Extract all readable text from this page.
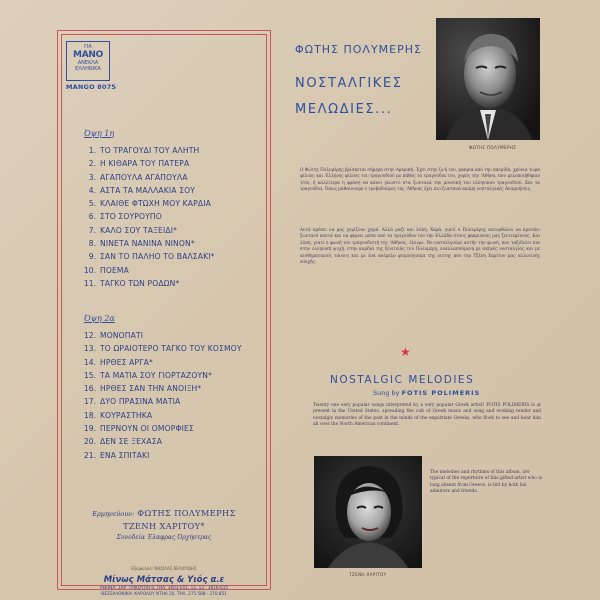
ΓΙΑ
MANO
ΑΝΕΚΛΑ ΕΛΛΗΝΙΚΑ
MANGO 8075
Όψη 1η
1. ΤΟ ΤΡΑΓΟΥΔΙ ΤΟΥ ΑΛΗΤΗ
2. Η ΚΙΘΑΡΑ ΤΟΥ ΠΑΤΕΡΑ
3. ΑΓΑΠΟΥΛΑ ΑΓΑΠΟΥΛΑ
4. ΑΣΤΑ ΤΑ ΜΑΛΛΑΚΙΑ ΣΟΥ
5. ΚΛΑΙΘΕ ΦΤΩΧΗ ΜΟΥ ΚΑΡΔΙΑ
6. ΣΤΟ ΣΟΥΡΟΥΠΟ
7. ΚΑΛΟ ΣΟΥ ΤΑΞΕΙΔΙ*
8. ΝΙΝΕΤΑ ΝΑΝΙΝΑ ΝΙΝΟΝ*
9. ΣΑΝ ΤΟ ΠΑΛΗΟ ΤΟ ΒΑΛΣΑΚΙ*
10. ΠΟΕΜΑ
11. ΤΑΓΚΟ ΤΩΝ ΡΟΔΩΝ*
Όψη 2α
12. ΜΟΝΟΠΑΤΙ
13. ΤΟ ΩΡΑΙΟΤΕΡΟ ΤΑΓΚΟ ΤΟΥ ΚΟΣΜΟΥ
14. ΗΡΘΕΣ ΑΡΓΑ*
15. ΤΑ ΜΑΤΙΑ ΣΟΥ ΓΙΟΡΤΑΖΟΥΝ*
16. ΗΡΘΕΣ ΣΑΝ ΤΗΝ ΑΝΟΙΞΗ*
17. ΔΥΟ ΠΡΑΣΙΝΑ ΜΑΤΙΑ
18. ΚΟΥΡΑΣΤΗΚΑ
19. ΠΕΡΝΟΥΝ ΟΙ ΟΜΟΡΦΙΕΣ
20. ΔΕΝ ΣΕ ΞΕΧΑΣΑ
21. ΕΝΑ ΣΠΙΤΑΚΙ
Ερμηνεύουν: ΦΩΤΗΣ ΠΟΛΥΜΕΡΗΣ
ΤΖΕΝΗ ΧΑΡΙΤΟΥ*
Συνοδεία Έλαφρας Όρχήστρας
Εξώφυλλο: ΝΙΚΟΛΑΣ ΒΕΛΙΟΥΔΗΣ
Μίνως Μάτσας & Υιός α.ε
ΑΘΗΝΑ: ΣΑΡ. ΤΡΙΚΟΥΠΗ 9, ΤΗΛ. 3601-011, 12, 13 · 3616-615
ΘΕΣΣΑΛΟΝΙΚΗ: ΚΑΡΟΛΟΥ ΝΤΗΛ 20, ΤΗΛ. 275.588 · 270.851
ΦΩΤΗΣ ΠΟΛΥΜΕΡΗΣ
ΝΟΣΤΑΛΓΙΚΕΣ
ΜΕΛΩΔΙΕΣ...
ΦΩΤΗΣ ΠΟΛΥΜΕΡΗΣ

Ο Φώτης Πολυμέρης βρίσκεται σήμερα στην Αμερική. Έχει στην ζωή του, μακριά από την πατρίδα, χρόνια τώρα φίλους και Έλληνες φίλους του τραγουδιού με πάθος τα τραγούδια του, χορός την 'Αθήνα, που μελοποιήθηκαν τότε, ή καλλίτερα η φράση να κάνει γνωστό στα ζωντανά την μουσική του ελληνικού τραγουδιού. Και τα τραγούδια, Όπως μαθαίνουμε ο τροβαδούρος της 'Αθήνας έχει πιο ζωντανά ακόμη νοσταλγικές Αναμνήσεις.

Αυτά πρέπει να μας γεμίζουν χαρά. Αλλά μαζί και λύπη. Χαρά, γιατί ο Πολυμέρης κατορθώνει να κρατάει ζωντανό κοντά και να φέρνει μέσα από τα τραγούδια του την Ελλάδα στους μακρυνούς μας ξενιτεμένους. Και λύπη, γιατί η φωνή του τραγουδιστή της 'Αθήνας, έλειψε. Νο νοσταλγούμε αυτήν την φωνή, που ταξιδεύει πια στην ελληνική ψυχή, στην καρδιά της ξενιτειάς του Πολυμέρη, εναλλασσόμενη με σκηνές νοσταλγίας και με αισθηματικούς τόνους και με ένα ανέμελο φτερούγισμα της νιότης που την Τζένη Χαρίτου μας αλλοτινής εποχής.

★
NOSTALGIC MELODIES
Sung by FOTIS POLIMERIS

Twenty one very popular songs interpreted by a very popular Greek artist! FOTIS POLIMERIS is at present in the United States, spreading the cult of Greek music and song and evoking tender and nostalgic memories of the past in the minds of the expatriate Greeks, who flock to see and hear him all over the North American continent.

The melodies and rhythms of this album, are typical of the repertoire of this gifted artist who is long absent from Greece, is felt by both his admirers and friends.

ΤΖΕΝΗ ΧΑΡΙΤΟΥ
